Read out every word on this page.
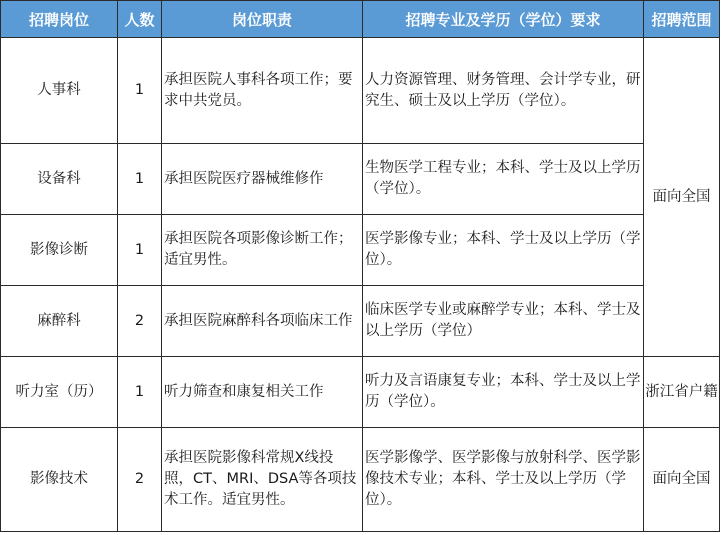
招聘岗位	人数	岗位职责	招聘专业及学历（学位）要求	招聘范围
人事科	1	承担医院人事科各项工作；要求中共党员。	人力资源管理、财务管理、会计学专业，研究生、硕士及以上学历（学位）。	面向全国
设备科	1	承担医院医疗器械维修作	生物医学工程专业；本科、学士及以上学历（学位）。	
影像诊断	1	承担医院各项影像诊断工作；适宜男性。	医学影像专业；本科、学士及以上学历（学位）。	
麻醉科	2	承担医院麻醉科各项临床工作	临床医学专业或麻醉学专业；本科、学士及以上学历（学位）	
听力室（历）	1	听力筛查和康复相关工作	听力及言语康复专业；本科、学士及以上学历（学位）。	浙江省户籍
影像技术	2	承担医院影像科常规X线投照，CT、MRI、DSA等各项技术工作。适宜男性。	医学影像学、医学影像与放射科学、医学影像技术专业；本科、学士及以上学历（学位）。	面向全国
